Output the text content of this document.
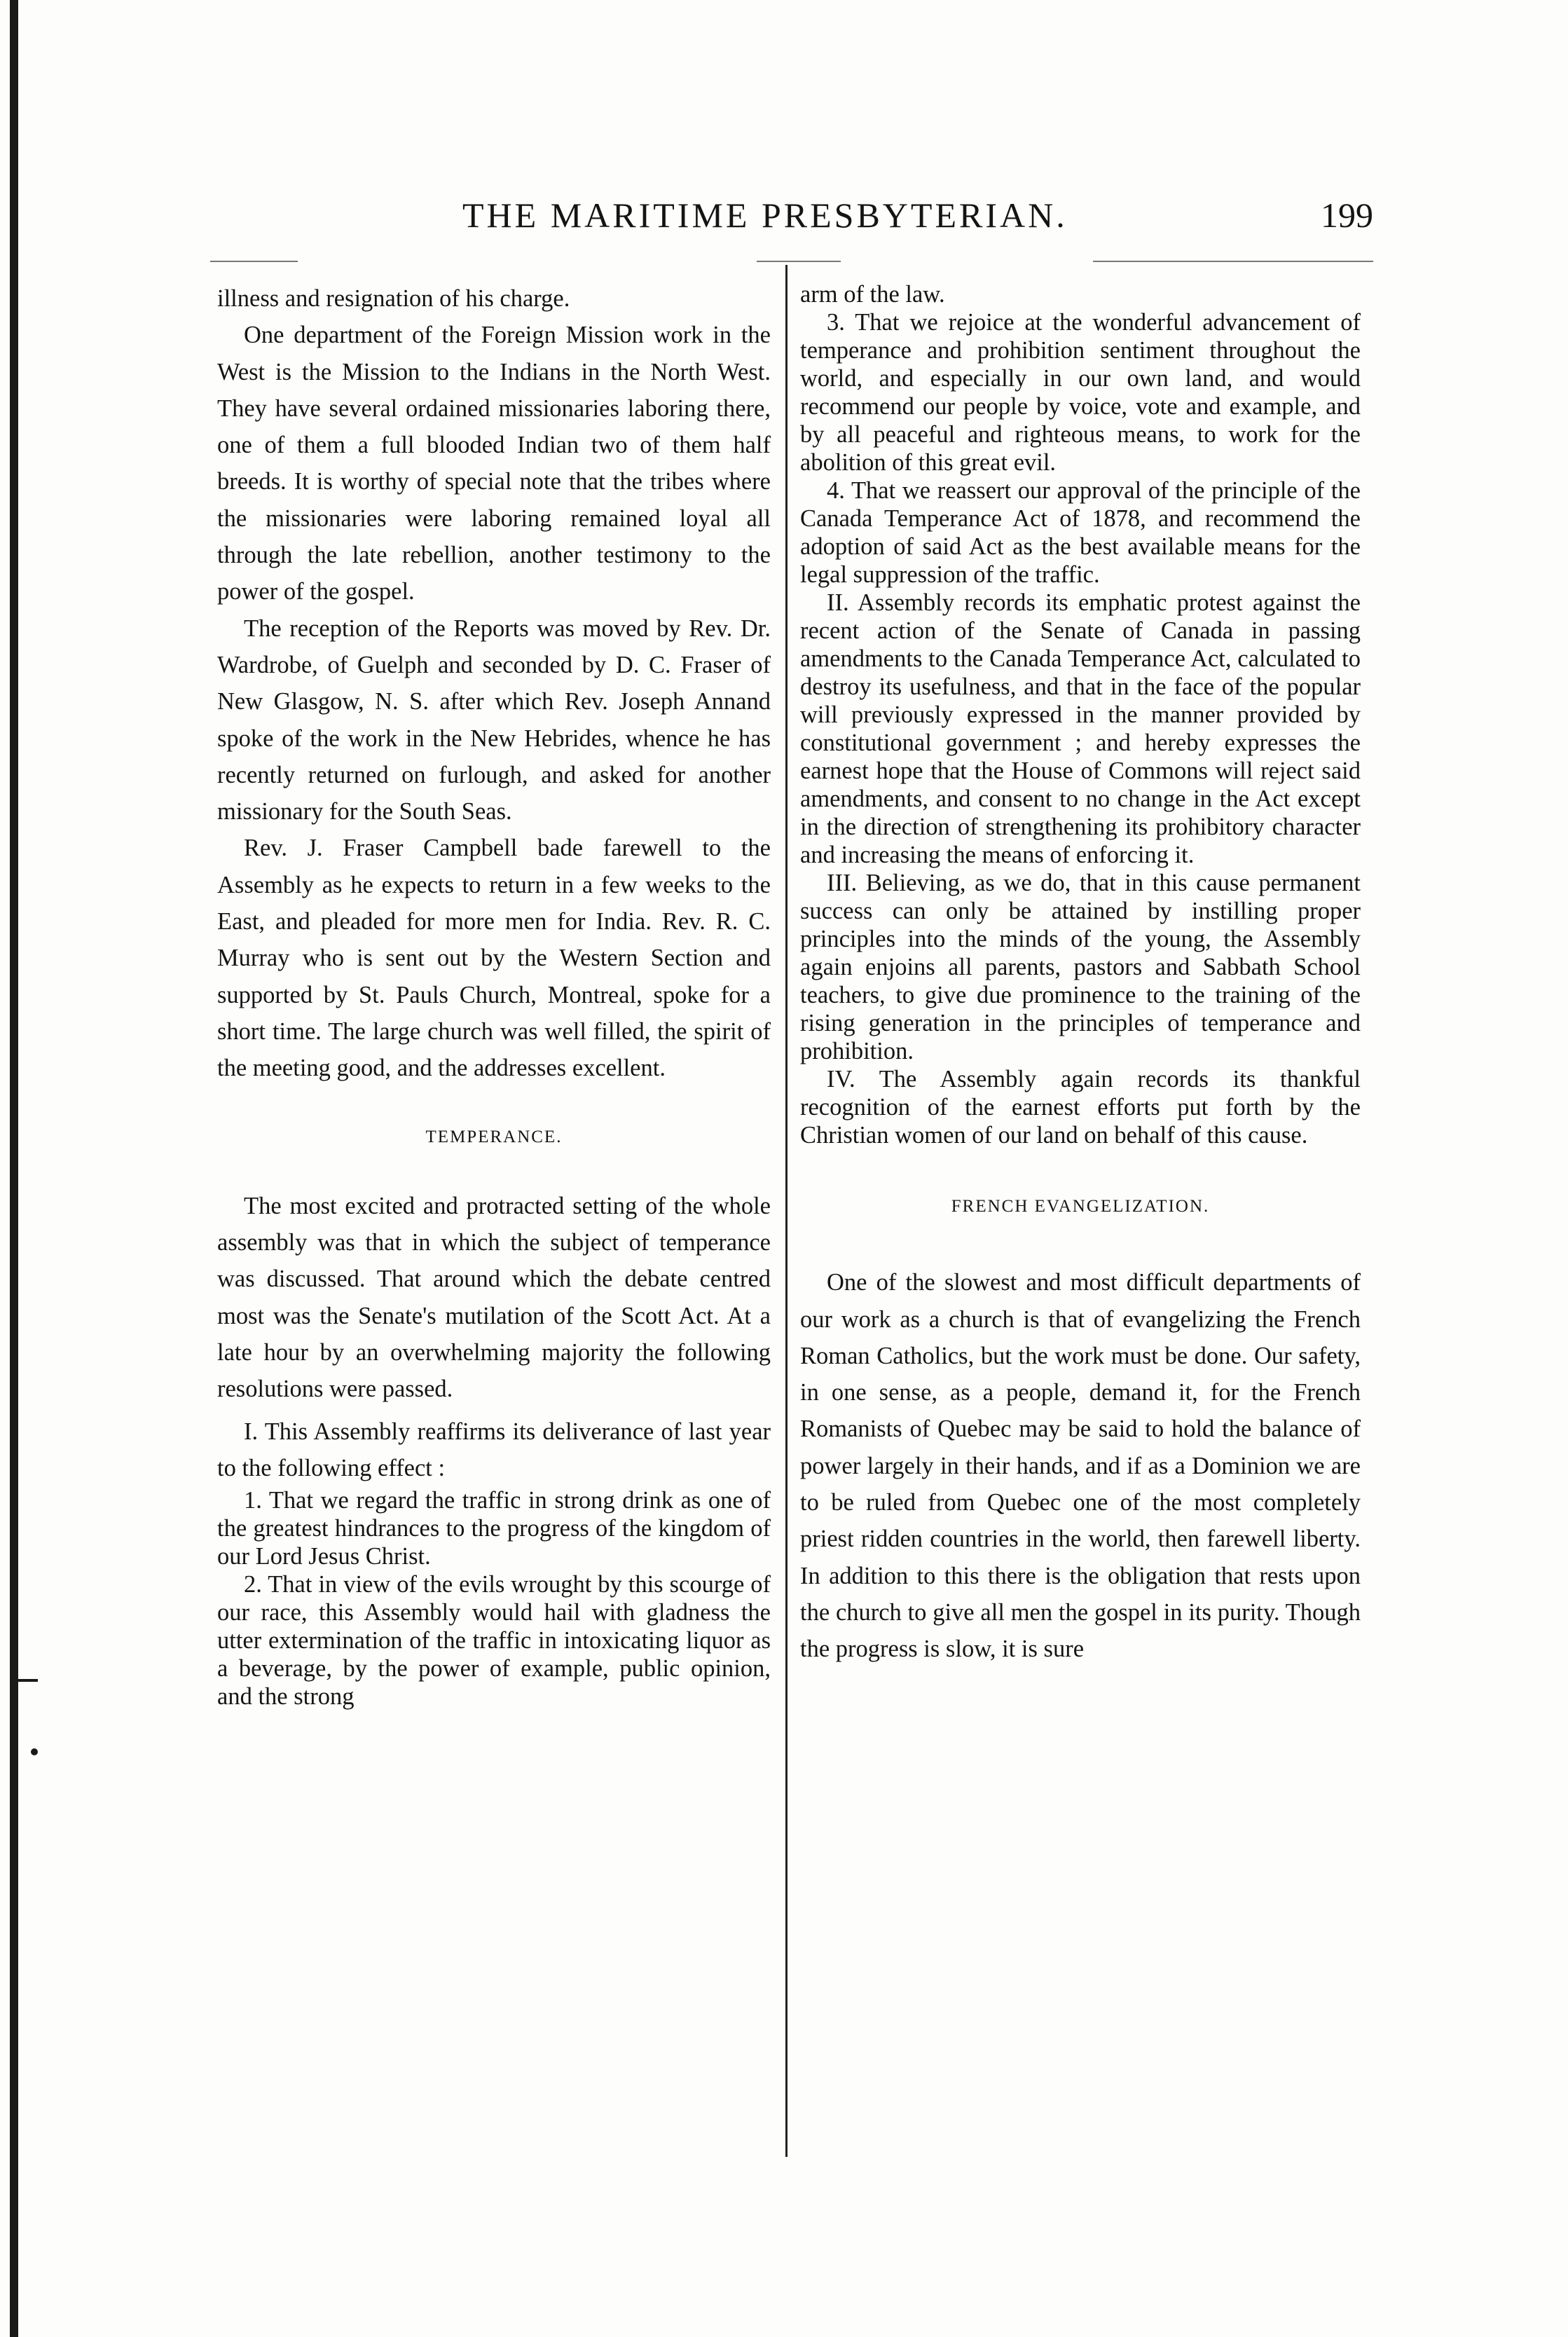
THE MARITIME PRESBYTERIAN.	199

illness and resignation of his charge.

One department of the Foreign Mission work in the West is the Mission to the Indians in the North West. They have several ordained missionaries laboring there, one of them a full blooded Indian two of them half breeds. It is worthy of special note that the tribes where the missionaries were laboring remained loyal all through the late rebellion, another testimony to the power of the gospel.

The reception of the Reports was moved by Rev. Dr. Wardrobe, of Guelph and seconded by D. C. Fraser of New Glasgow, N. S. after which Rev. Joseph Annand spoke of the work in the New Hebrides, whence he has recently returned on furlough, and asked for another missionary for the South Seas.

Rev. J. Fraser Campbell bade farewell to the Assembly as he expects to return in a few weeks to the East, and pleaded for more men for India. Rev. R. C. Murray who is sent out by the Western Section and supported by St. Pauls Church, Montreal, spoke for a short time. The large church was well filled, the spirit of the meeting good, and the addresses excellent.

TEMPERANCE.

The most excited and protracted setting of the whole assembly was that in which the subject of temperance was discussed. That around which the debate centred most was the Senate's mutilation of the Scott Act. At a late hour by an overwhelming majority the following resolutions were passed.

I. This Assembly reaffirms its deliverance of last year to the following effect :

1. That we regard the traffic in strong drink as one of the greatest hindrances to the progress of the kingdom of our Lord Jesus Christ.

2. That in view of the evils wrought by this scourge of our race, this Assembly would hail with gladness the utter extermination of the traffic in intoxicating liquor as a beverage, by the power of example, public opinion, and the strong

arm of the law.

3. That we rejoice at the wonderful advancement of temperance and prohibition sentiment throughout the world, and especially in our own land, and would recommend our people by voice, vote and example, and by all peaceful and righteous means, to work for the abolition of this great evil.

4. That we reassert our approval of the principle of the Canada Temperance Act of 1878, and recommend the adoption of said Act as the best available means for the legal suppression of the traffic.

II. Assembly records its emphatic protest against the recent action of the Senate of Canada in passing amendments to the Canada Temperance Act, calculated to destroy its usefulness, and that in the face of the popular will previously expressed in the manner provided by constitutional government ; and hereby expresses the earnest hope that the House of Commons will reject said amendments, and consent to no change in the Act except in the direction of strengthening its prohibitory character and increasing the means of enforcing it.

III. Believing, as we do, that in this cause permanent success can only be attained by instilling proper principles into the minds of the young, the Assembly again enjoins all parents, pastors and Sabbath School teachers, to give due prominence to the training of the rising generation in the principles of temperance and prohibition.

IV. The Assembly again records its thankful recognition of the earnest efforts put forth by the Christian women of our land on behalf of this cause.

FRENCH EVANGELIZATION.

One of the slowest and most difficult departments of our work as a church is that of evangelizing the French Roman Catholics, but the work must be done. Our safety, in one sense, as a people, demand it, for the French Romanists of Quebec may be said to hold the balance of power largely in their hands, and if as a Dominion we are to be ruled from Quebec one of the most completely priest ridden countries in the world, then farewell liberty. In addition to this there is the obligation that rests upon the church to give all men the gospel in its purity. Though the progress is slow, it is sure
